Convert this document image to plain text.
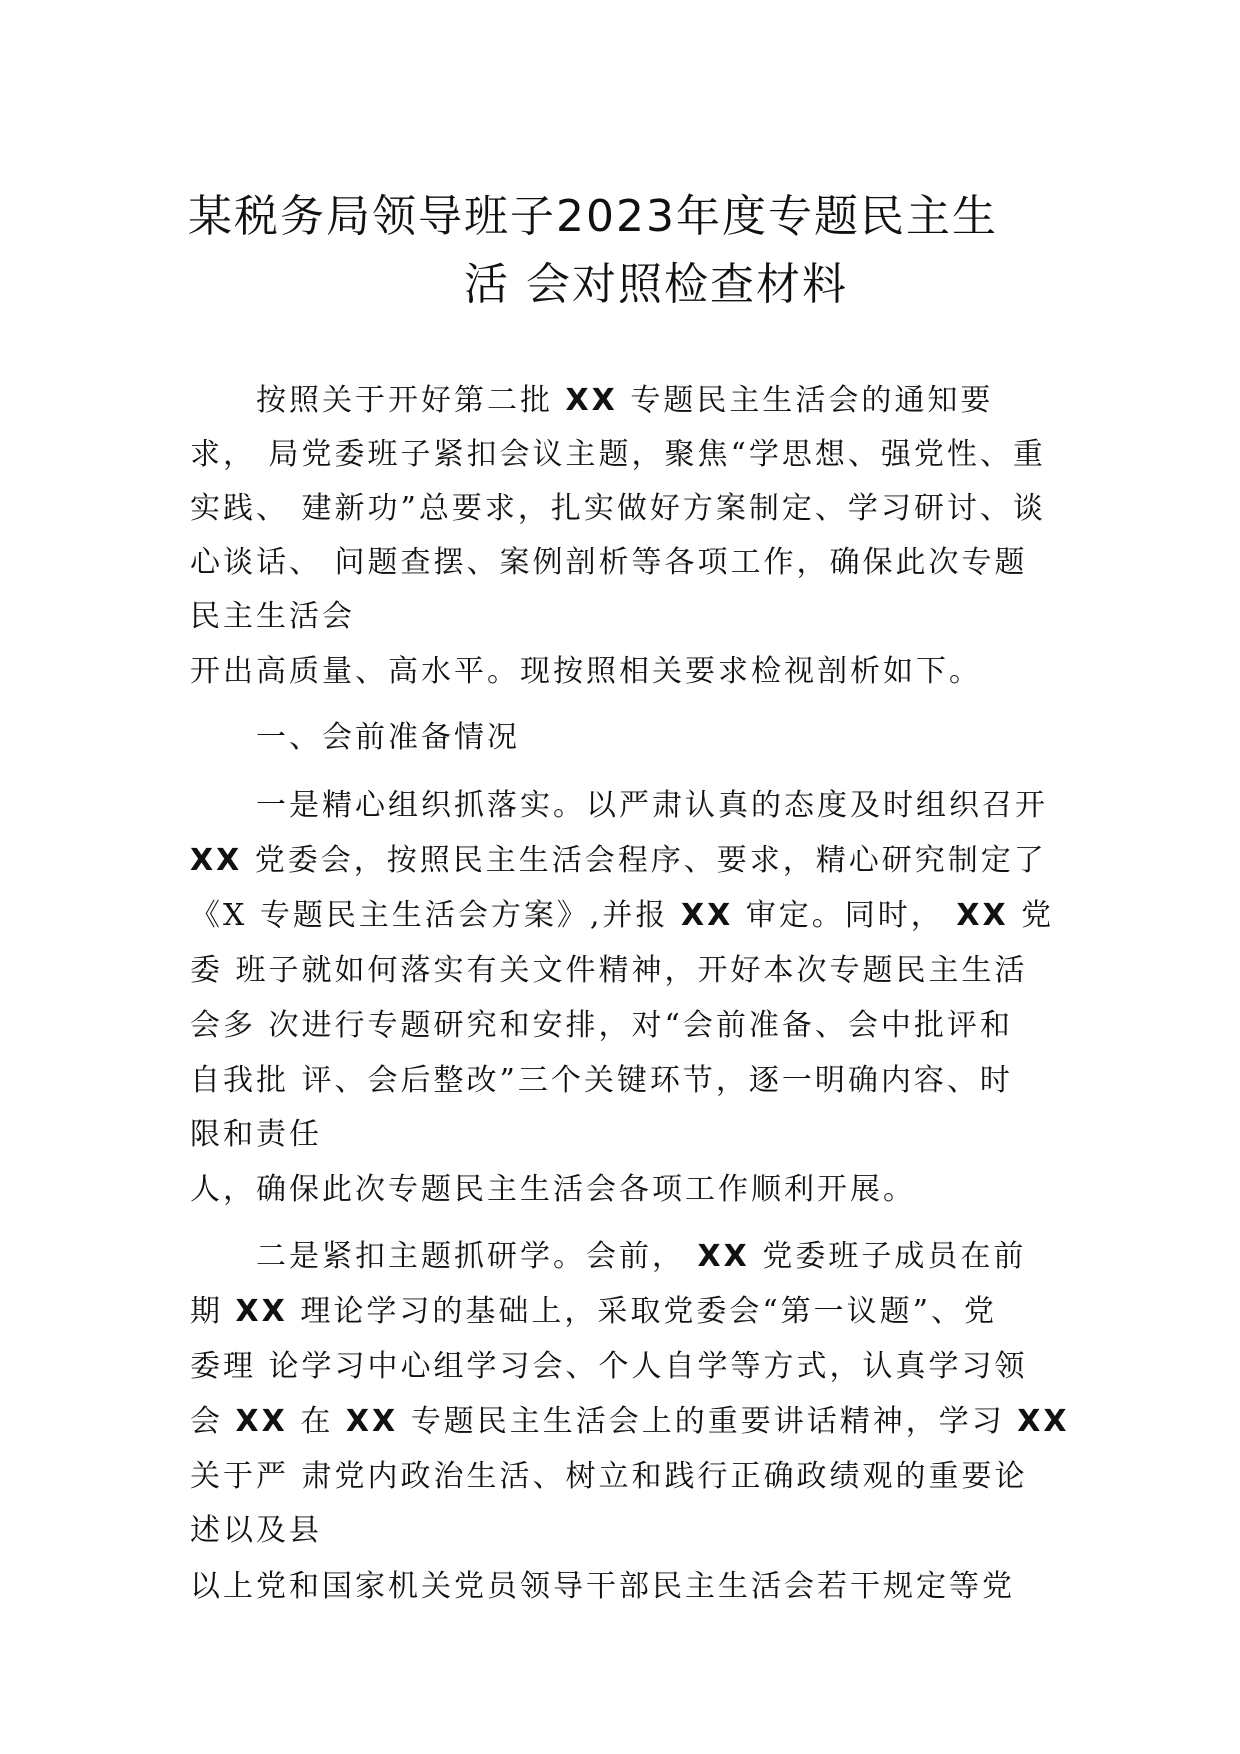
某税务局领导班子2023年度专题民主生
活 会对照检查材料
按照关于开好第二批 XX 专题民主生活会的通知要
求， 局党委班子紧扣会议主题，聚焦“学思想、强党性、重
实践、 建新功”总要求，扎实做好方案制定、学习研讨、谈
心谈话、 问题查摆、案例剖析等各项工作，确保此次专题
民主生活会
开出高质量、高水平。现按照相关要求检视剖析如下。
一、会前准备情况
一是精心组织抓落实。以严肃认真的态度及时组织召开
XX 党委会，按照民主生活会程序、要求，精心研究制定了
《X 专题民主生活会方案》,并报 XX 审定。同时， XX 党
委 班子就如何落实有关文件精神，开好本次专题民主生活
会多 次进行专题研究和安排，对“会前准备、会中批评和
自我批 评、会后整改”三个关键环节，逐一明确内容、时
限和责任
人，确保此次专题民主生活会各项工作顺利开展。
二是紧扣主题抓研学。会前， XX 党委班子成员在前
期 XX 理论学习的基础上，采取党委会“第一议题”、党
委理 论学习中心组学习会、个人自学等方式，认真学习领
会 XX 在 XX 专题民主生活会上的重要讲话精神，学习 XX
关于严 肃党内政治生活、树立和践行正确政绩观的重要论
述以及县
以上党和国家机关党员领导干部民主生活会若干规定等党
